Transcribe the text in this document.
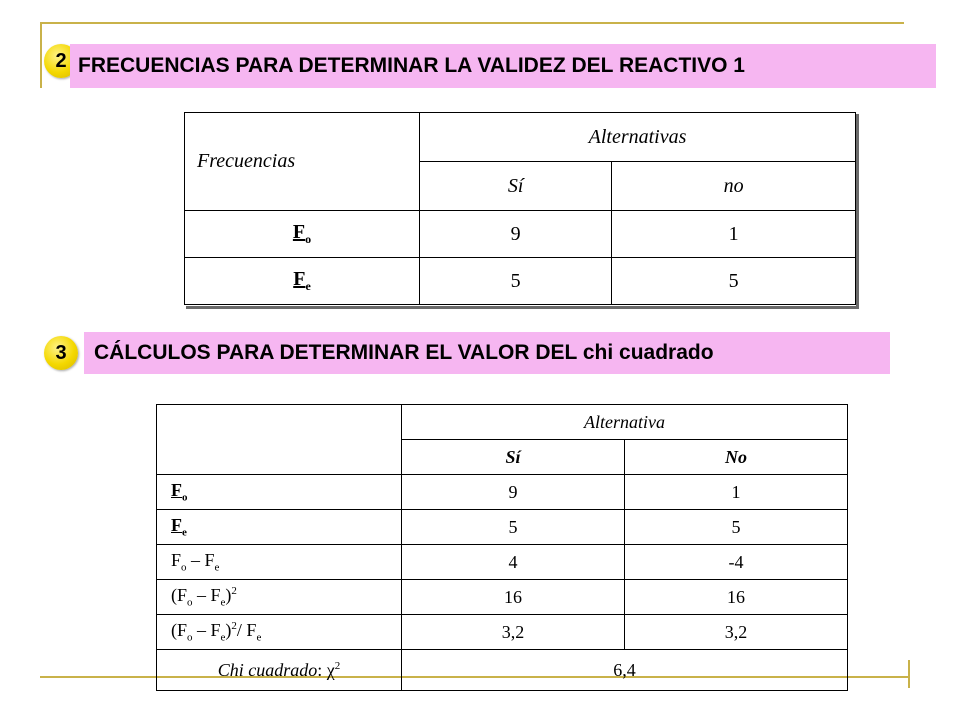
2 FRECUENCIAS PARA DETERMINAR LA VALIDEZ DEL REACTIVO 1
Frecuencias	Alternativas	
	Sí	no
$F_o$	9	1
$F_e$	5	5
3 CÁLCULOS PARA DETERMINAR EL VALOR DEL chi cuadrado
	Alternativa	
	Sí	No
$F_o$	9	1
$F_e$	5	5
$F_o - F_e$	4	-4
$(F_o - F_e)^2$	16	16
$(F_o - F_e)^2/$ $F_e$	3,2	3,2
Chi cuadrado: $\chi^2$	6,4	
